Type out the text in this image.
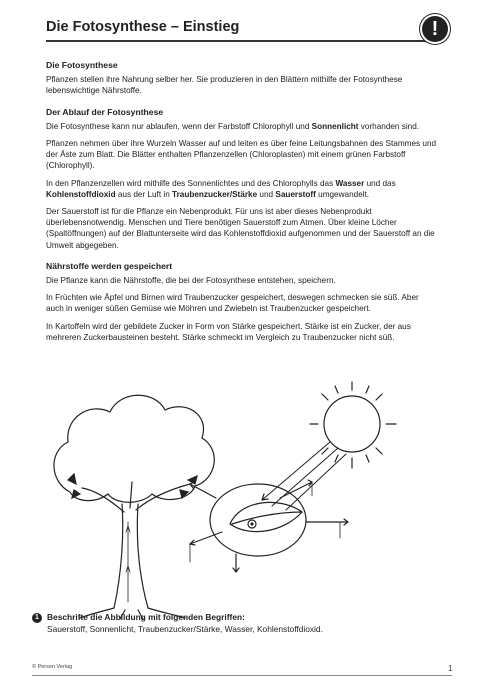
Die Fotosynthese – Einstieg	!
Die Fotosynthese

Pflanzen stellen ihre Nahrung selber her. Sie produzieren in den Blättern mithilfe der Fotosynthese lebenswichtige Nährstoffe.

Der Ablauf der Fotosynthese

Die Fotosynthese kann nur ablaufen, wenn der Farbstoff Chlorophyll und Sonnenlicht vorhanden sind.

Pflanzen nehmen über ihre Wurzeln Wasser auf und leiten es über feine Leitungsbahnen des Stammes und der Äste zum Blatt. Die Blätter enthalten Pflanzenzellen (Chloroplasten) mit einem grünen Farbstoff (Chlorophyll).

In den Pflanzenzellen wird mithilfe des Sonnenlichtes und des Chlorophylls das Wasser und das Kohlenstoffdioxid aus der Luft in Traubenzucker/Stärke und Sauerstoff umgewandelt.

Der Sauerstoff ist für die Pflanze ein Nebenprodukt. Für uns ist aber dieses Nebenprodukt überlebensnotwendig. Menschen und Tiere benötigen Sauerstoff zum Atmen. Über kleine Löcher (Spaltöffnungen) auf der Blattunterseite wird das Kohlenstoffdioxid aufgenommen und der Sauerstoff an die Umwelt abgegeben.

Nährstoffe werden gespeichert

Die Pflanze kann die Nährstoffe, die bei der Fotosynthese entstehen, speichern.

In Früchten wie Äpfel und Birnen wird Traubenzucker gespeichert, deswegen schmecken sie süß. Aber auch in weniger süßen Gemüse wie Möhren und Zwiebeln ist Traubenzucker gespeichert.

In Kartoffeln wird der gebildete Zucker in Form von Stärke gespeichert. Stärke ist ein Zucker, der aus mehreren Zuckerbausteinen besteht. Stärke schmeckt im Vergleich zu Traubenzucker nicht süß.

1 Beschrifte die Abbildung mit folgenden Begriffen:
Sauerstoff, Sonnenlicht, Traubenzucker/Stärke, Wasser, Kohlenstoffdioxid.
© Persen Verlag	1
